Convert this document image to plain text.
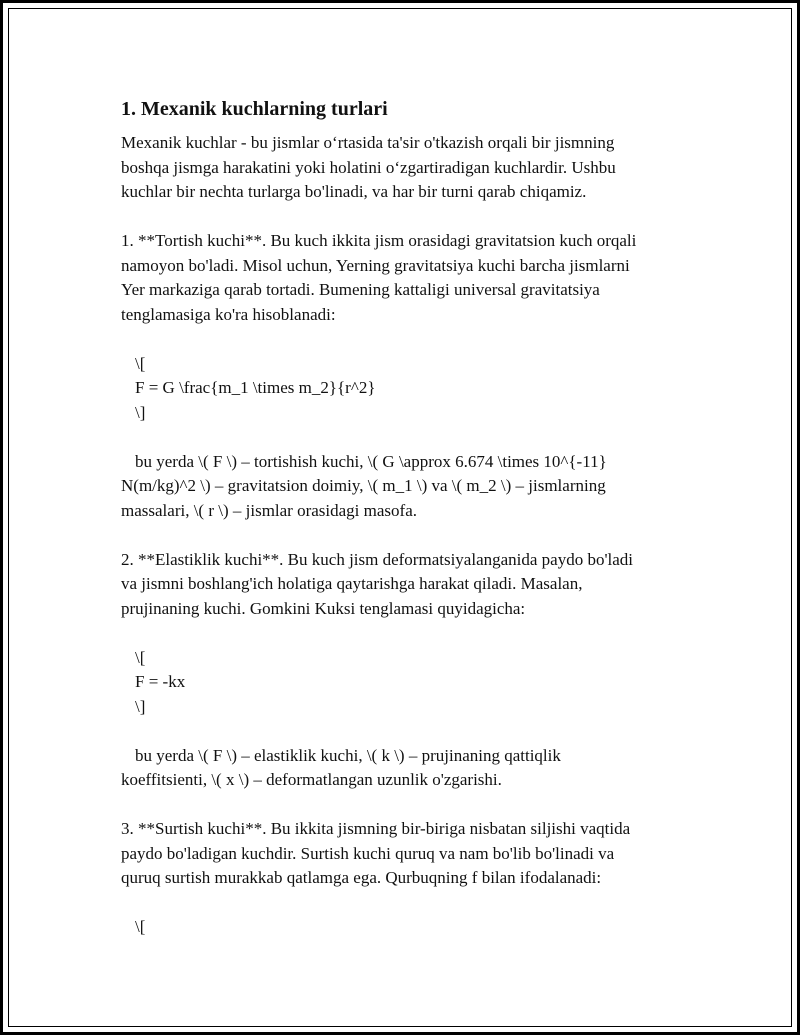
1. Mexanik kuchlarning turlari

Mexanik kuchlar - bu jismlar o‘rtasida ta'sir o'tkazish orqali bir jismning
boshqa jismga harakatini yoki holatini o‘zgartiradigan kuchlardir. Ushbu
kuchlar bir nechta turlarga bo'linadi, va har bir turni qarab chiqamiz.

1. **Tortish kuchi**. Bu kuch ikkita jism orasidagi gravitatsion kuch orqali
namoyon bo'ladi. Misol uchun, Yerning gravitatsiya kuchi barcha jismlarni
Yer markaziga qarab tortadi. Bumening kattaligi universal gravitatsiya
tenglamasiga ko'ra hisoblanadi:

\[

F = G \frac{m_1 \times m_2}{r^2}

\]

bu yerda \( F \) – tortishish kuchi, \( G \approx 6.674 \times 10^{-11}

N(m/kg)^2 \) – gravitatsion doimiy, \( m_1 \) va \( m_2 \) – jismlarning
massalari, \( r \) – jismlar orasidagi masofa.

2. **Elastiklik kuchi**. Bu kuch jism deformatsiyalanganida paydo bo'ladi
va jismni boshlang'ich holatiga qaytarishga harakat qiladi. Masalan,
prujinaning kuchi. Gomkini Kuksi tenglamasi quyidagicha:

\[

F = -kx

\]

bu yerda \( F \) – elastiklik kuchi, \( k \) – prujinaning qattiqlik

koeffitsienti, \( x \) – deformatlangan uzunlik o'zgarishi.

3. **Surtish kuchi**. Bu ikkita jismning bir-biriga nisbatan siljishi vaqtida
paydo bo'ladigan kuchdir. Surtish kuchi quruq va nam bo'lib bo'linadi va
quruq surtish murakkab qatlamga ega. Qurbuqning f bilan ifodalanadi:

\[
